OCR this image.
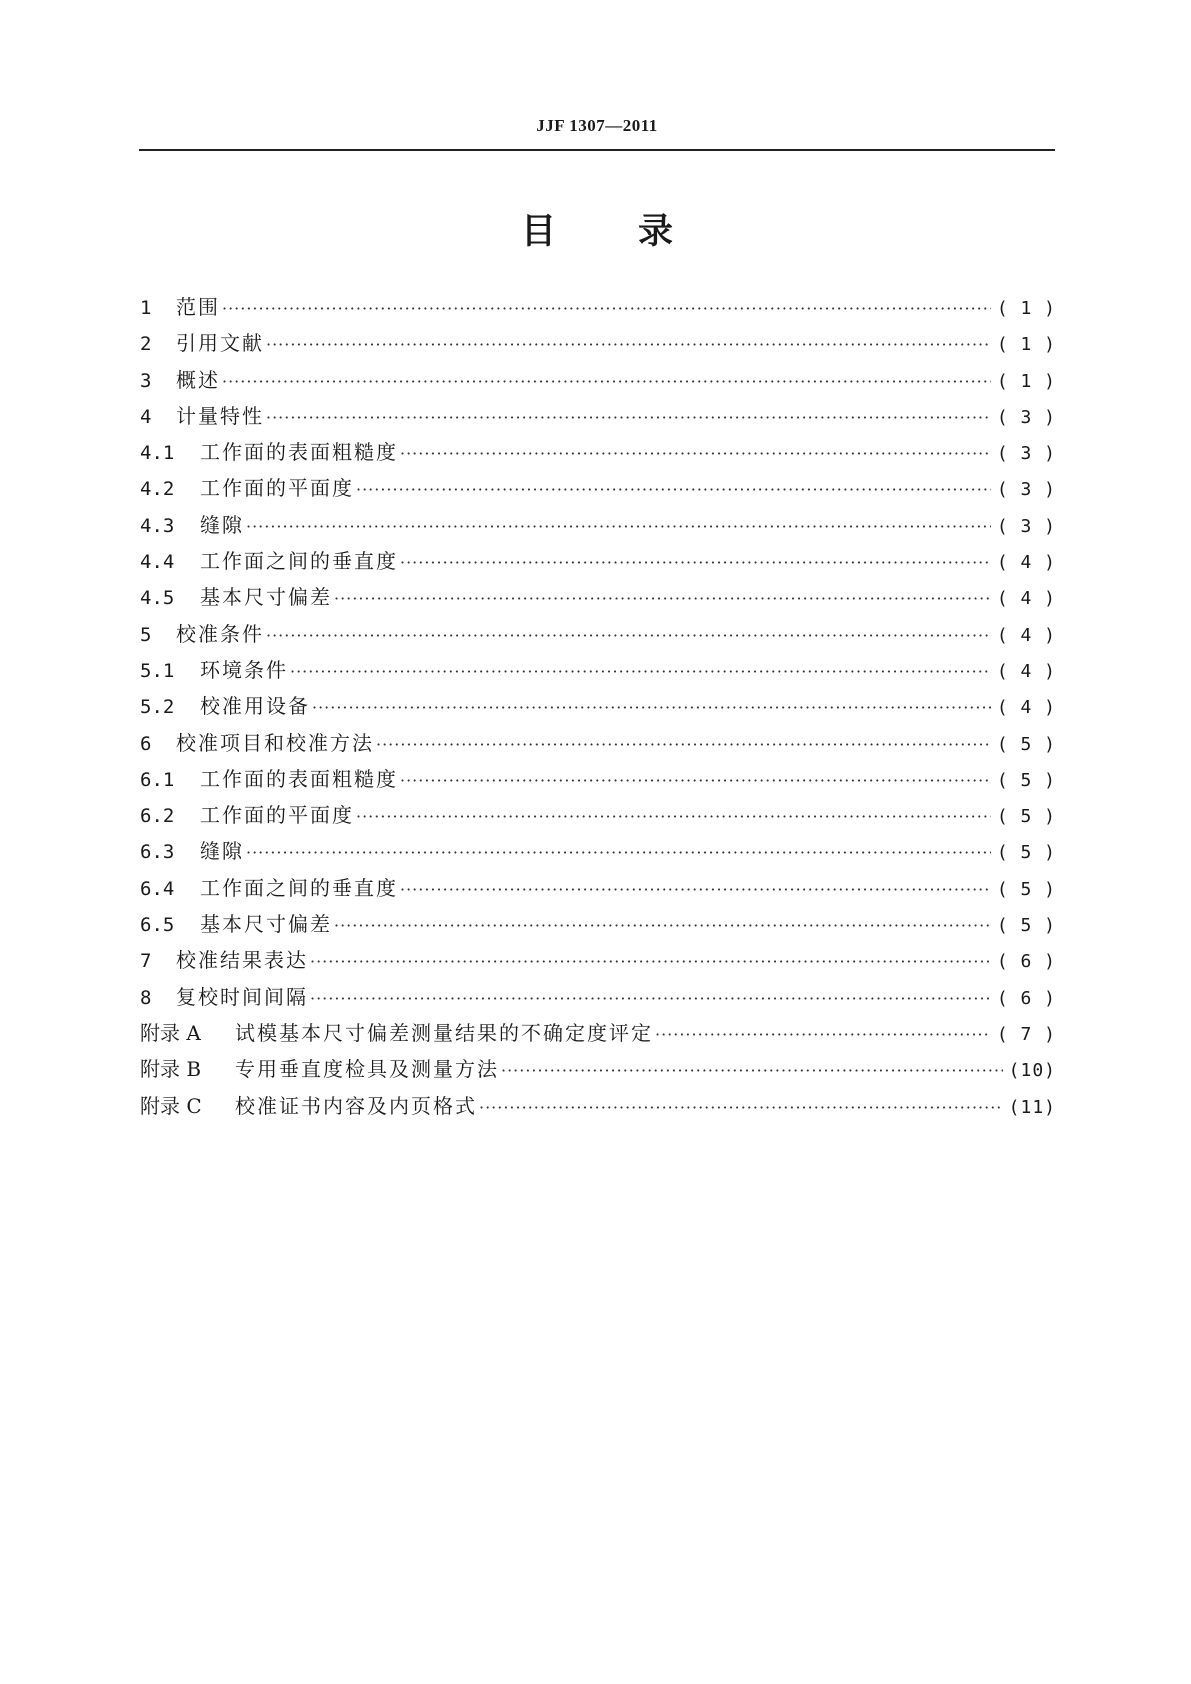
JJF 1307—2011
目 录
1	范围 ·····	( 1 )
2	引用文献 ·····	( 1 )
3	概述 ·····	( 1 )
4	计量特性 ·····	( 3 )
4.1	工作面的表面粗糙度 ·····	( 3 )
4.2	工作面的平面度 ·····	( 3 )
4.3	缝隙 ·····	( 3 )
4.4	工作面之间的垂直度 ·····	( 4 )
4.5	基本尺寸偏差 ·····	( 4 )
5	校准条件 ·····	( 4 )
5.1	环境条件 ·····	( 4 )
5.2	校准用设备 ·····	( 4 )
6	校准项目和校准方法 ·····	( 5 )
6.1	工作面的表面粗糙度 ·····	( 5 )
6.2	工作面的平面度 ·····	( 5 )
6.3	缝隙 ·····	( 5 )
6.4	工作面之间的垂直度 ·····	( 5 )
6.5	基本尺寸偏差 ·····	( 5 )
7	校准结果表达 ·····	( 6 )
8	复校时间间隔 ·····	( 6 )
附录 A	试模基本尺寸偏差测量结果的不确定度评定 ·····	( 7 )
附录 B	专用垂直度检具及测量方法 ·····	(10)
附录 C	校准证书内容及内页格式 ·····	(11)
